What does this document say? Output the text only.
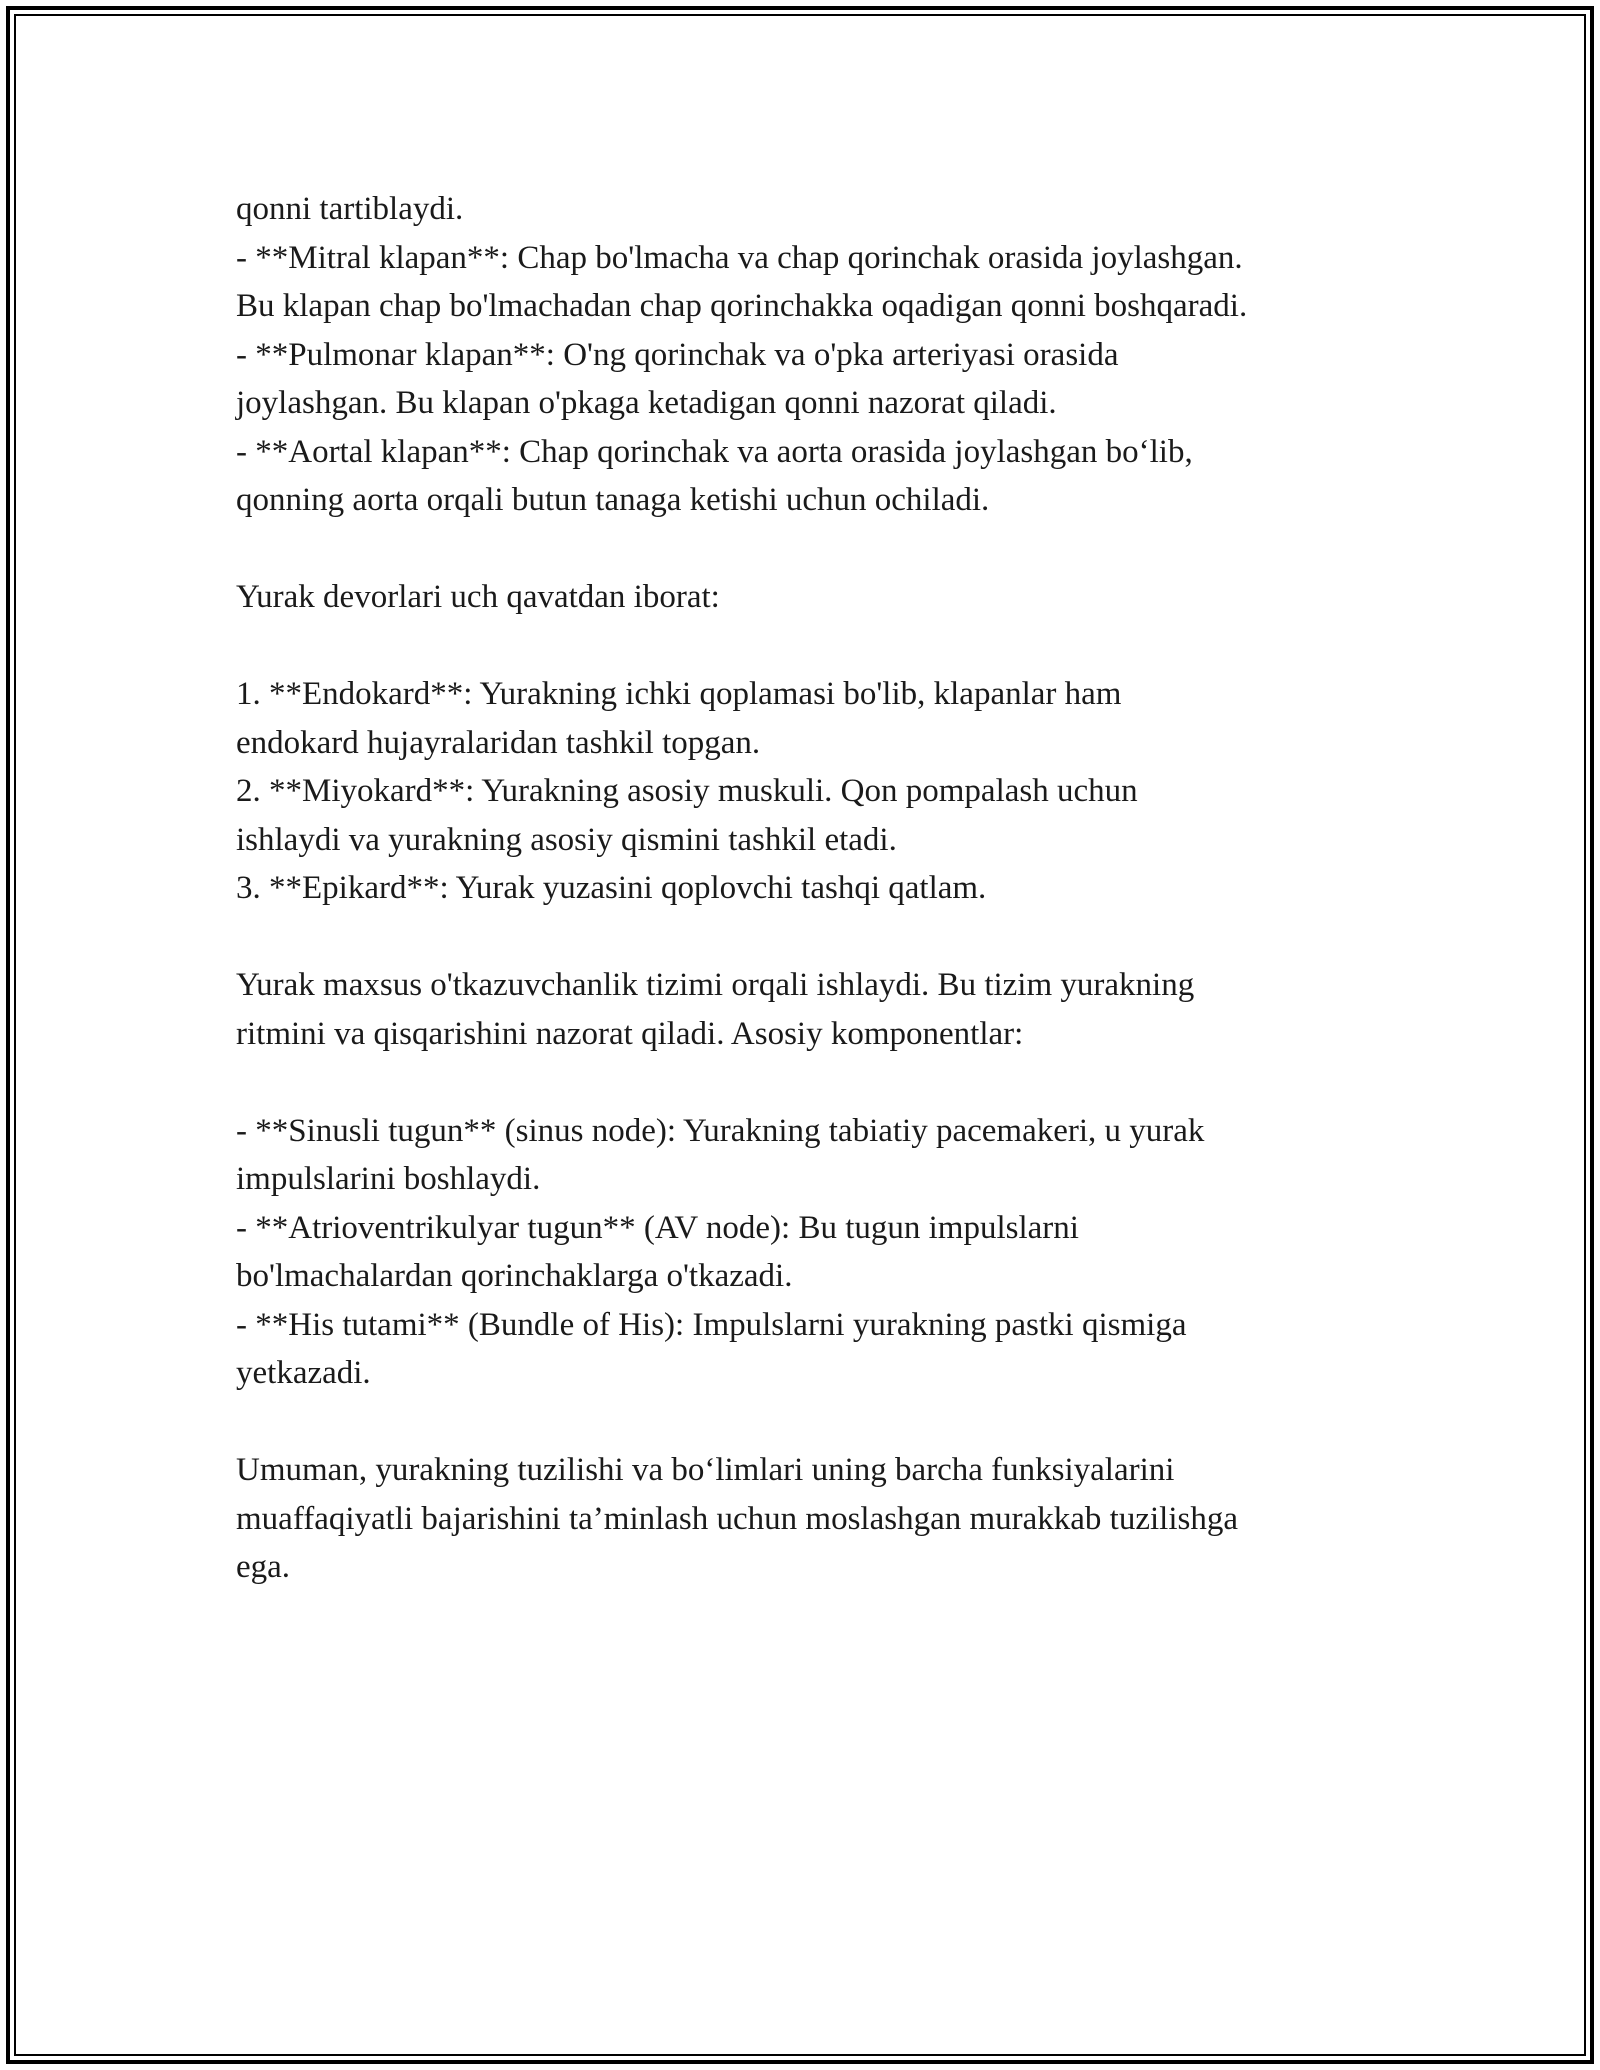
qonni tartiblaydi.
- **Mitral klapan**: Chap bo'lmacha va chap qorinchak orasida joylashgan.
Bu klapan chap bo'lmachadan chap qorinchakka oqadigan qonni boshqaradi.
- **Pulmonar klapan**: O'ng qorinchak va o'pka arteriyasi orasida
joylashgan. Bu klapan o'pkaga ketadigan qonni nazorat qiladi.
- **Aortal klapan**: Chap qorinchak va aorta orasida joylashgan bo‘lib,
qonning aorta orqali butun tanaga ketishi uchun ochiladi.
Yurak devorlari uch qavatdan iborat:
1. **Endokard**: Yurakning ichki qoplamasi bo'lib, klapanlar ham
endokard hujayralaridan tashkil topgan.
2. **Miyokard**: Yurakning asosiy muskuli. Qon pompalash uchun
ishlaydi va yurakning asosiy qismini tashkil etadi.
3. **Epikard**: Yurak yuzasini qoplovchi tashqi qatlam.
Yurak maxsus o'tkazuvchanlik tizimi orqali ishlaydi. Bu tizim yurakning
ritmini va qisqarishini nazorat qiladi. Asosiy komponentlar:
- **Sinusli tugun** (sinus node): Yurakning tabiatiy pacemakeri, u yurak
impulslarini boshlaydi.
- **Atrioventrikulyar tugun** (AV node): Bu tugun impulslarni
bo'lmachalardan qorinchaklarga o'tkazadi.
- **His tutami** (Bundle of His): Impulslarni yurakning pastki qismiga
yetkazadi.
Umuman, yurakning tuzilishi va bo‘limlari uning barcha funksiyalarini
muaffaqiyatli bajarishini ta’minlash uchun moslashgan murakkab tuzilishga
ega.
